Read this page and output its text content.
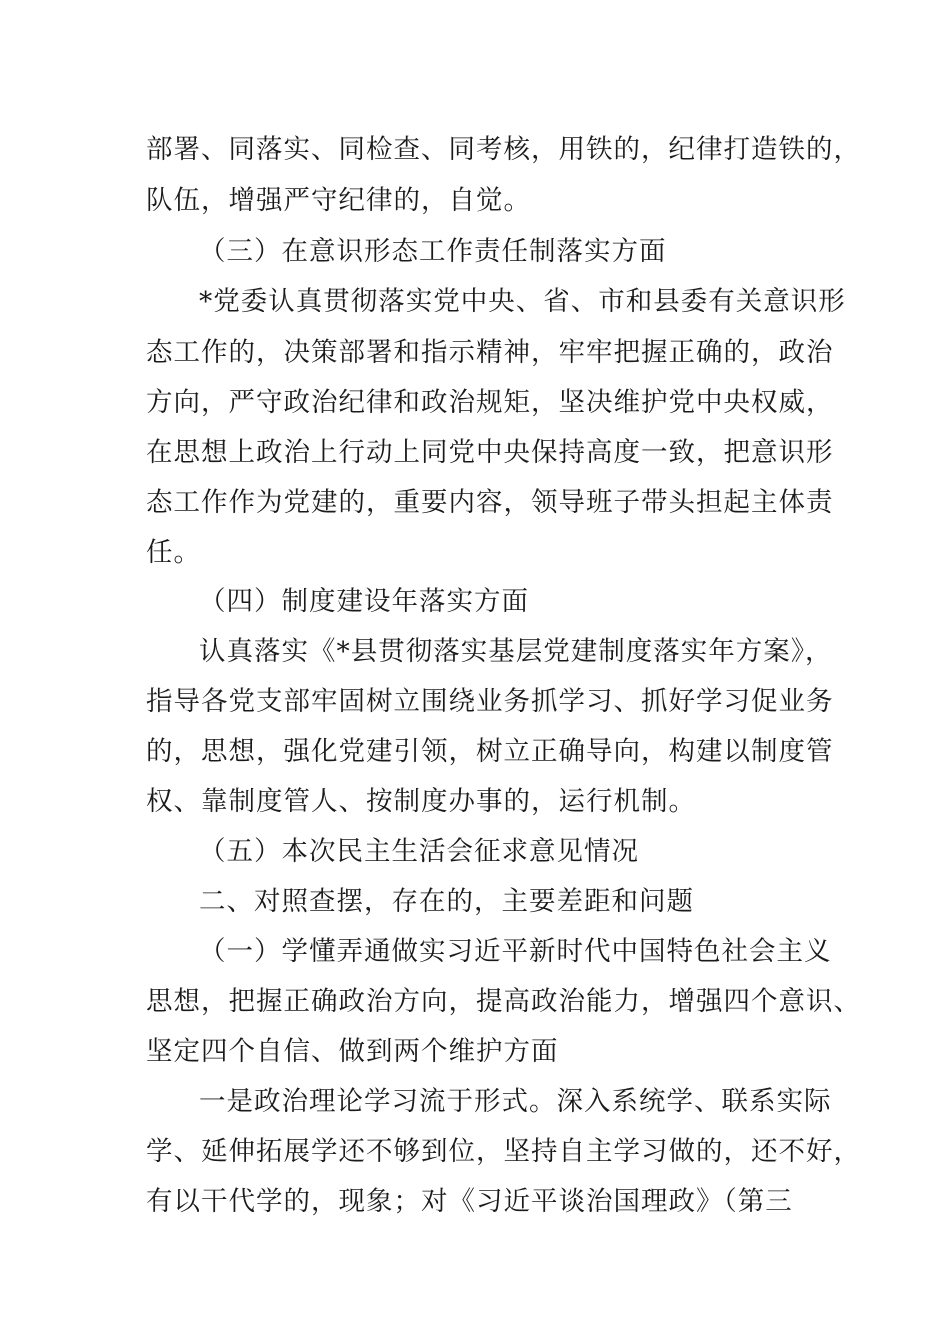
部署、同落实、同检查、同考核，用铁的，纪律打造铁的，
队伍，增强严守纪律的，自觉。
（三）在意识形态工作责任制落实方面
*党委认真贯彻落实党中央、省、市和县委有关意识形
态工作的，决策部署和指示精神，牢牢把握正确的，政治
方向，严守政治纪律和政治规矩，坚决维护党中央权威，
在思想上政治上行动上同党中央保持高度一致，把意识形
态工作作为党建的，重要内容，领导班子带头担起主体责
任。
（四）制度建设年落实方面
认真落实《*县贯彻落实基层党建制度落实年方案》，
指导各党支部牢固树立围绕业务抓学习、抓好学习促业务
的，思想，强化党建引领，树立正确导向，构建以制度管
权、靠制度管人、按制度办事的，运行机制。
（五）本次民主生活会征求意见情况
二、对照查摆，存在的，主要差距和问题
（一）学懂弄通做实习近平新时代中国特色社会主义
思想，把握正确政治方向，提高政治能力，增强四个意识、
坚定四个自信、做到两个维护方面
一是政治理论学习流于形式。深入系统学、联系实际
学、延伸拓展学还不够到位，坚持自主学习做的，还不好，
有以干代学的，现象；对《习近平谈治国理政》（第三
